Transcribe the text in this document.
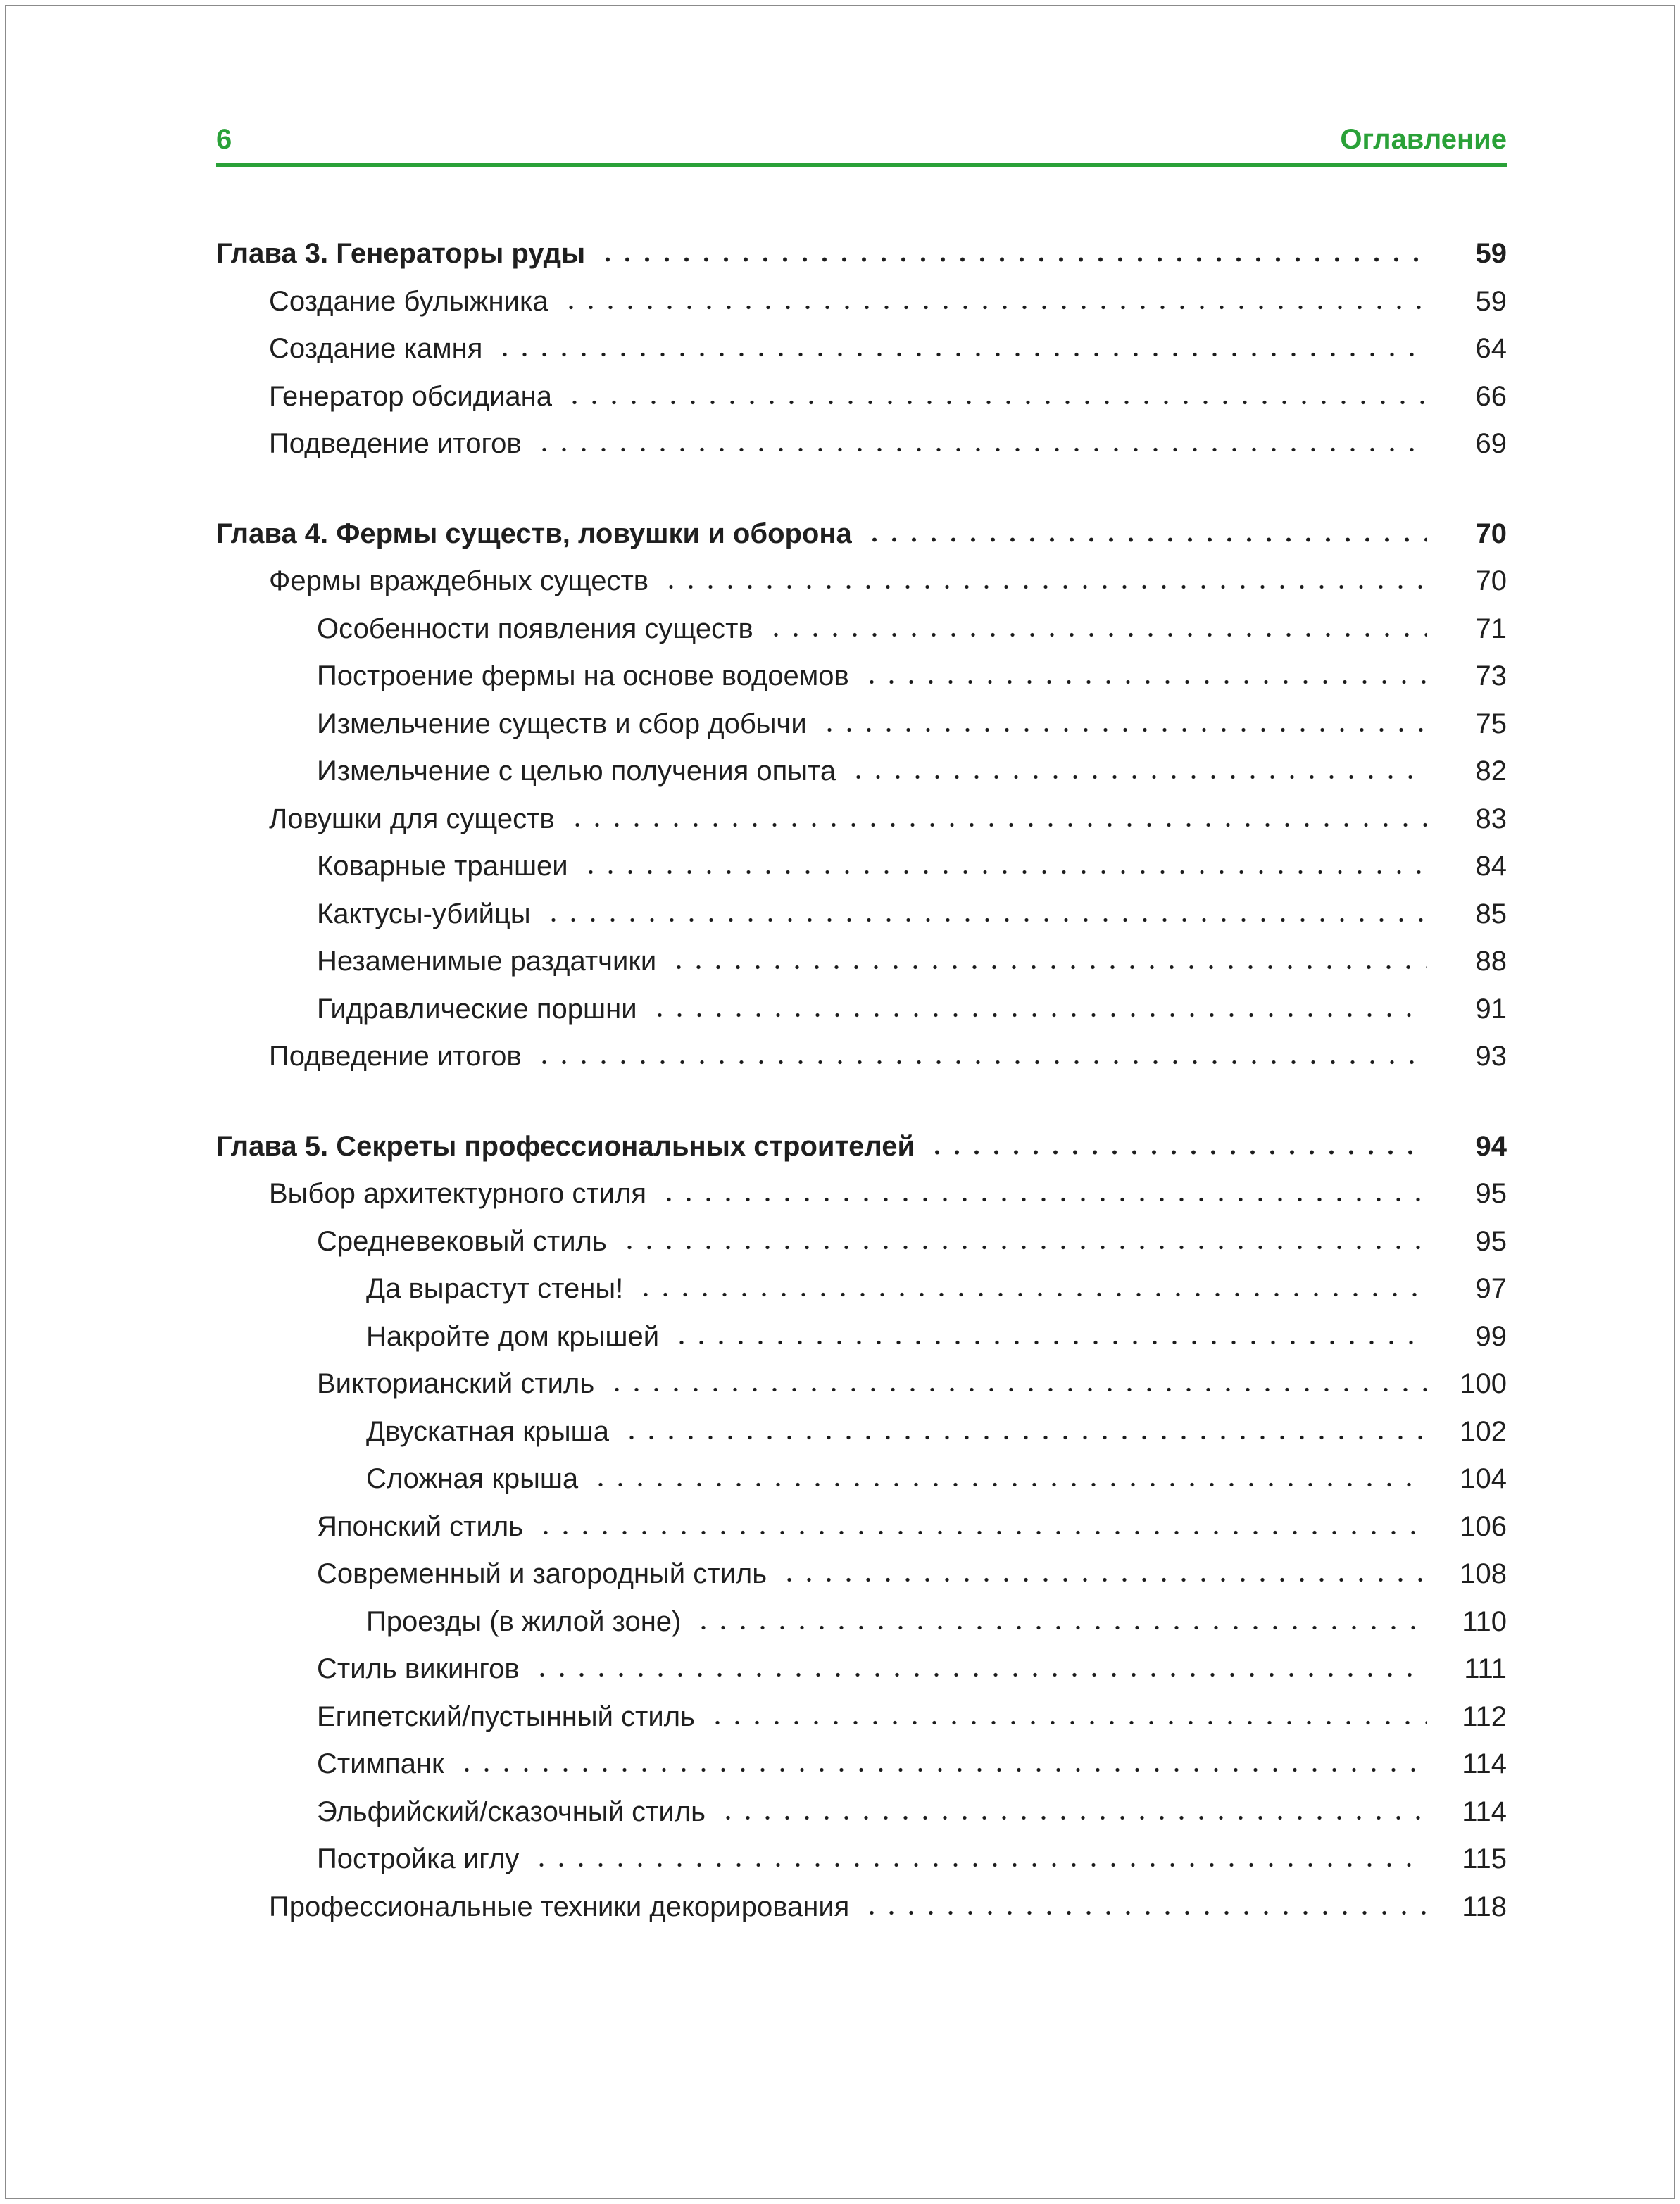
6	Оглавление
Глава 3. Генераторы руды	59
Создание булыжника	59
Создание камня	64
Генератор обсидиана	66
Подведение итогов	69
Глава 4. Фермы существ, ловушки и оборона	70
Фермы враждебных существ	70
Особенности появления существ	71
Построение фермы на основе водоемов	73
Измельчение существ и сбор добычи	75
Измельчение с целью получения опыта	82
Ловушки для существ	83
Коварные траншеи	84
Кактусы-убийцы	85
Незаменимые раздатчики	88
Гидравлические поршни	91
Подведение итогов	93
Глава 5. Секреты профессиональных строителей	94
Выбор архитектурного стиля	95
Средневековый стиль	95
Да вырастут стены!	97
Накройте дом крышей	99
Викторианский стиль	100
Двускатная крыша	102
Сложная крыша	104
Японский стиль	106
Современный и загородный стиль	108
Проезды (в жилой зоне)	110
Стиль викингов	111
Египетский/пустынный стиль	112
Стимпанк	114
Эльфийский/сказочный стиль	114
Постройка иглу	115
Профессиональные техники декорирования	118
